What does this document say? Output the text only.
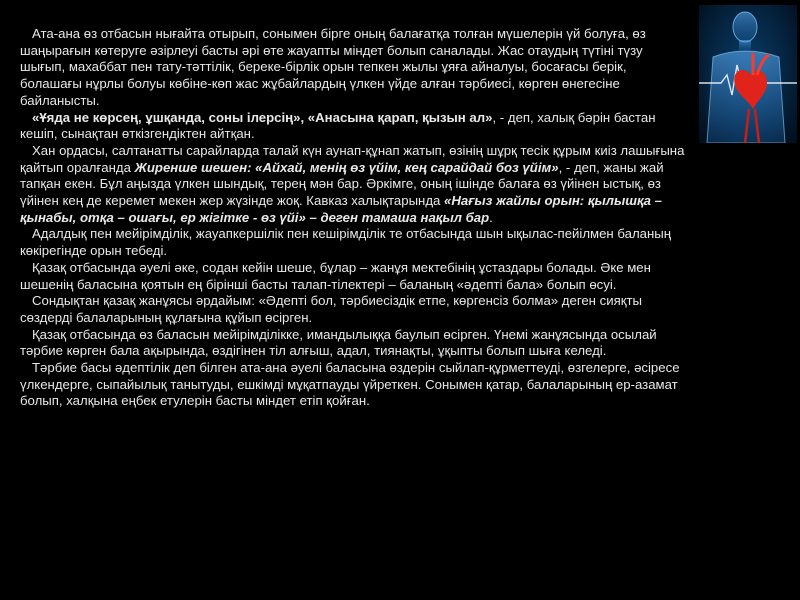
Ата-ана өз отбасын нығайта отырып, сонымен бірге оның балағатқа толған мүшелерін үй болуға, өз шаңырағын көтеруге әзірлеуі басты әрі өте жауапты міндет болып саналады. Жас отаудың түтіні түзу шығып, махаббат пен тату-тәттілік, береке-бірлік орын тепкен жылы ұяға айналуы, босағасы берік, болашағы нұрлы болуы көбіне-көп жас жұбайлардың үлкен үйде алған тәрбиесі, көрген өнегесіне байланысты.

«Ұяда не көрсең, ұшқанда, соны ілерсің», «Анасына қарап, қызын ал», - деп, халық бәрін бастан кешіп, сынақтан өткізгендіктен айтқан.

Хан ордасы, салтанатты сарайларда талай күн аунап-құнап жатып, өзінің шұрқ тесік құрым киіз лашығына қайтып оралғанда Жиренше шешен: «Айхай, менің өз үйім, кең сарайдай боз үйім», - деп, жаны жай тапқан екен. Бұл аңызда үлкен шындық, терең мән бар. Әркімге, оның ішінде балаға өз үйінен ыстық, өз үйінен кең де керемет мекен жер жүзінде жоқ. Кавказ халықтарында «Нағыз жайлы орын: қылышқа – қынабы, отқа – ошағы, ер жігітке - өз үйі» – деген тамаша нақыл бар.

Адалдық пен мейірімділік, жауапкершілік пен кешірімділік те отбасында шын ықылас-пейілмен баланың көкірегінде орын тебеді.

Қазақ отбасында әуелі әке, содан кейін шеше, бұлар – жанұя мектебінің ұстаздары болады. Әке мен шешенің баласына қоятын ең бірінші басты талап-тілектері – баланың «әдепті бала» болып өсуі.

Сондықтан қазақ жанұясы әрдайым: «Әдепті бол, тәрбиесіздік етпе, көргенсіз болма» деген сияқты сөздерді балаларының құлағына құйып өсірген.

Қазақ отбасында өз баласын мейірімділікке, имандылыққа баулып өсірген. Үнемі жанұясында осылай тәрбие көрген бала ақырында, өздігінен тіл алғыш, адал, тиянақты, ұқыпты болып шыға келеді.

Тәрбие басы әдептілік деп білген ата-ана әуелі баласына өздерін сыйлап-құрметтеуді, өзгелерге, әсіресе үлкендерге, сыпайылық танытуды, ешкімді мұқатпауды үйреткен. Сонымен қатар, балаларының ер-азамат болып, халқына еңбек етулерін басты міндет етіп қойған.
